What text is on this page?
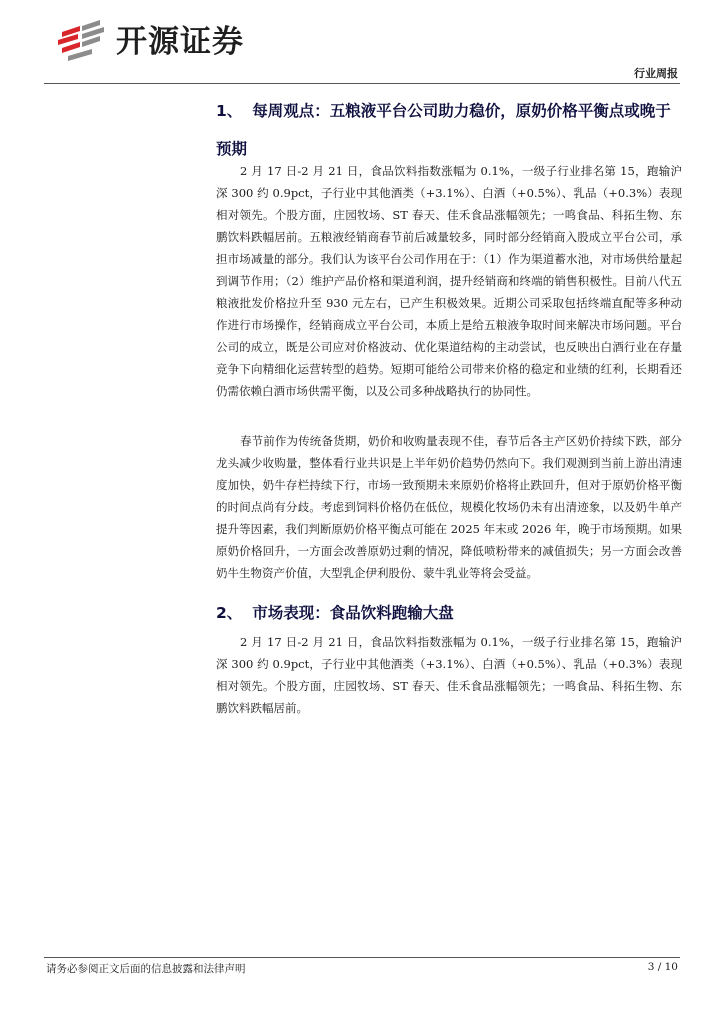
开源证券
行业周报
1、 每周观点：五粮液平台公司助力稳价，原奶价格平衡点或晚于预期

2 月 17 日-2 月 21 日，食品饮料指数涨幅为 0.1%，一级子行业排名第 15，跑输沪深 300 约 0.9pct，子行业中其他酒类（+3.1%）、白酒（+0.5%）、乳品（+0.3%）表现相对领先。个股方面，庄园牧场、ST 春天、佳禾食品涨幅领先；一鸣食品、科拓生物、东鹏饮料跌幅居前。五粮液经销商春节前后减量较多，同时部分经销商入股成立平台公司，承担市场减量的部分。我们认为该平台公司作用在于：（1）作为渠道蓄水池，对市场供给量起到调节作用；（2）维护产品价格和渠道利润，提升经销商和终端的销售积极性。目前八代五粮液批发价格拉升至 930 元左右，已产生积极效果。近期公司采取包括终端直配等多种动作进行市场操作，经销商成立平台公司，本质上是给五粮液争取时间来解决市场问题。平台公司的成立，既是公司应对价格波动、优化渠道结构的主动尝试，也反映出白酒行业在存量竞争下向精细化运营转型的趋势。短期可能给公司带来价格的稳定和业绩的红利，长期看还仍需依赖白酒市场供需平衡，以及公司多种战略执行的协同性。

春节前作为传统备货期，奶价和收购量表现不佳，春节后各主产区奶价持续下跌，部分龙头减少收购量，整体看行业共识是上半年奶价趋势仍然向下。我们观测到当前上游出清速度加快，奶牛存栏持续下行，市场一致预期未来原奶价格将止跌回升，但对于原奶价格平衡的时间点尚有分歧。考虑到饲料价格仍在低位，规模化牧场仍未有出清迹象，以及奶牛单产提升等因素，我们判断原奶价格平衡点可能在 2025 年末或 2026 年，晚于市场预期。如果原奶价格回升，一方面会改善原奶过剩的情况，降低喷粉带来的减值损失；另一方面会改善奶牛生物资产价值，大型乳企伊利股份、蒙牛乳业等将会受益。

2、 市场表现：食品饮料跑输大盘

2 月 17 日-2 月 21 日，食品饮料指数涨幅为 0.1%，一级子行业排名第 15，跑输沪深 300 约 0.9pct，子行业中其他酒类（+3.1%）、白酒（+0.5%）、乳品（+0.3%）表现相对领先。个股方面，庄园牧场、ST 春天、佳禾食品涨幅领先；一鸣食品、科拓生物、东鹏饮料跌幅居前。

请务必参阅正文后面的信息披露和法律声明	3 / 10
